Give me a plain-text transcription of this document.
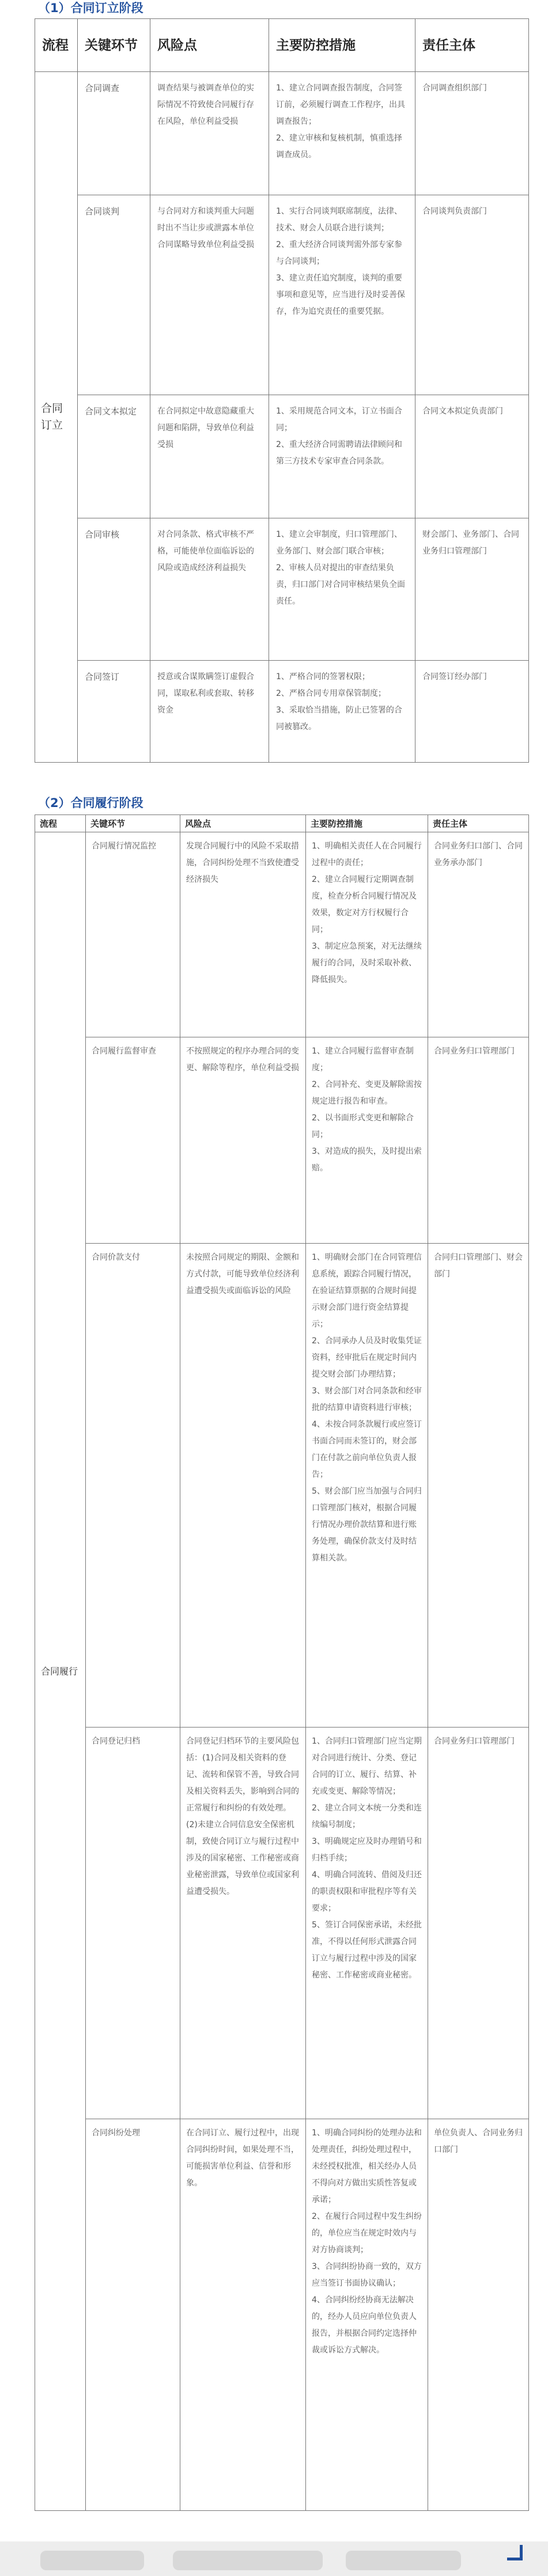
（1）合同订立阶段
流程	关键环节	风险点	主要防控措施	责任主体
合同订立	合同调查	调查结果与被调查单位的实际情况不符致使合同履行存在风险，单位利益受损	1、建立合同调查报告制度，合同签订前，必须履行调查工作程序，出具调查报告；
2、建立审核和复核机制，慎重选择调查成员。	合同调查组织部门
	合同谈判	与合同对方和谈判重大问题时出不当让步或泄露本单位合同谋略导致单位利益受损	1、实行合同谈判联席制度，法律、技术、财会人员联合进行谈判；
2、重大经济合同谈判需外部专家参与合同谈判；
3、建立责任追究制度，谈判的重要事项和意见等，应当进行及时妥善保存，作为追究责任的重要凭据。	合同谈判负责部门
	合同文本拟定	在合同拟定中故意隐藏重大问题和陷阱，导致单位利益受损	1、采用规范合同文本，订立书面合同；
2、重大经济合同需聘请法律顾问和第三方技术专家审查合同条款。	合同文本拟定负责部门
	合同审核	对合同条款、格式审核不严格，可能使单位面临诉讼的风险或造成经济利益损失	1、建立会审制度，归口管理部门、业务部门、财会部门联合审核；
2、审核人员对提出的审查结果负责，归口部门对合同审核结果负全面责任。	财会部门、业务部门、合同业务归口管理部门
	合同签订	授意或合谋欺瞒签订虚假合同，谋取私利或套取、转移资金	1、严格合同的签署权限；
2、严格合同专用章保管制度；
3、采取恰当措施，防止已签署的合同被篡改。	合同签订经办部门
（2）合同履行阶段
流程	关键环节	风险点	主要防控措施	责任主体
合同履行	合同履行情况监控	发现合同履行中的风险不采取措施，合同纠纷处理不当致使遭受经济损失	1、明确相关责任人在合同履行过程中的责任；
2、建立合同履行定期调查制度，检查分析合同履行情况及效果，数定对方行权履行合同；
3、制定应急预案，对无法继续履行的合同，及时采取补救、降低损失。	合同业务归口部门、合同业务承办部门
	合同履行监督审查	不按照规定的程序办理合同的变更、解除等程序，单位利益受损	1、建立合同履行监督审查制度；
2、合同补充、变更及解除需按规定进行报告和审查。
2、以书面形式变更和解除合同；
3、对造成的损失，及时提出索赔。	合同业务归口管理部门
	合同价款支付	未按照合同规定的期限、金额和方式付款，可能导致单位经济利益遭受损失或面临诉讼的风险	1、明确财会部门在合同管理信息系统，跟踪合同履行情况，在验证结算票据的合规时间提示财会部门进行资金结算提示；
2、合同承办人员及时收集凭证资料，经审批后在规定时间内提交财会部门办理结算；
3、财会部门对合同条款和经审批的结算申请资料进行审核；
4、未按合同条款履行或应签订书面合同而未签订的，财会部门在付款之前向单位负责人报告；
5、财会部门应当加强与合同归口管理部门核对，根据合同履行情况办理价款结算和进行账务处理，确保价款支付及时结算相关款。	合同归口管理部门、财会部门
	合同登记归档	合同登记归档环节的主要风险包括：(1)合同及相关资料的登记、流转和保管不善，导致合同及相关资料丢失，影响到合同的正常履行和纠纷的有效处理。(2)未建立合同信息安全保密机制，致使合同订立与履行过程中涉及的国家秘密、工作秘密或商业秘密泄露，导致单位或国家利益遭受损失。	1、合同归口管理部门应当定期对合同进行统计、分类、登记合同的订立、履行、结算、补充或变更、解除等情况；
2、建立合同文本统一分类和连续编号制度；
3、明确规定应及时办理销号和归档手续；
4、明确合同流转、借阅及归还的职责权限和审批程序等有关要求；
5、签订合同保密承诺，未经批准，不得以任何形式泄露合同订立与履行过程中涉及的国家秘密、工作秘密或商业秘密。	合同业务归口管理部门
	合同纠纷处理	在合同订立、履行过程中，出现合同纠纷时间，如果处理不当，可能损害单位利益、信誉和形象。	1、明确合同纠纷的处理办法和处理责任，纠纷处理过程中，未经授权批准，相关经办人员不得向对方做出实质性答复或承诺；
2、在履行合同过程中发生纠纷的，单位应当在规定时效内与对方协商谈判；
3、合同纠纷协商一致的，双方应当签订书面协议确认；
4、合同纠纷经协商无法解决的，经办人员应向单位负责人报告，并根据合同约定选择仲裁或诉讼方式解决。	单位负责人、合同业务归口部门
